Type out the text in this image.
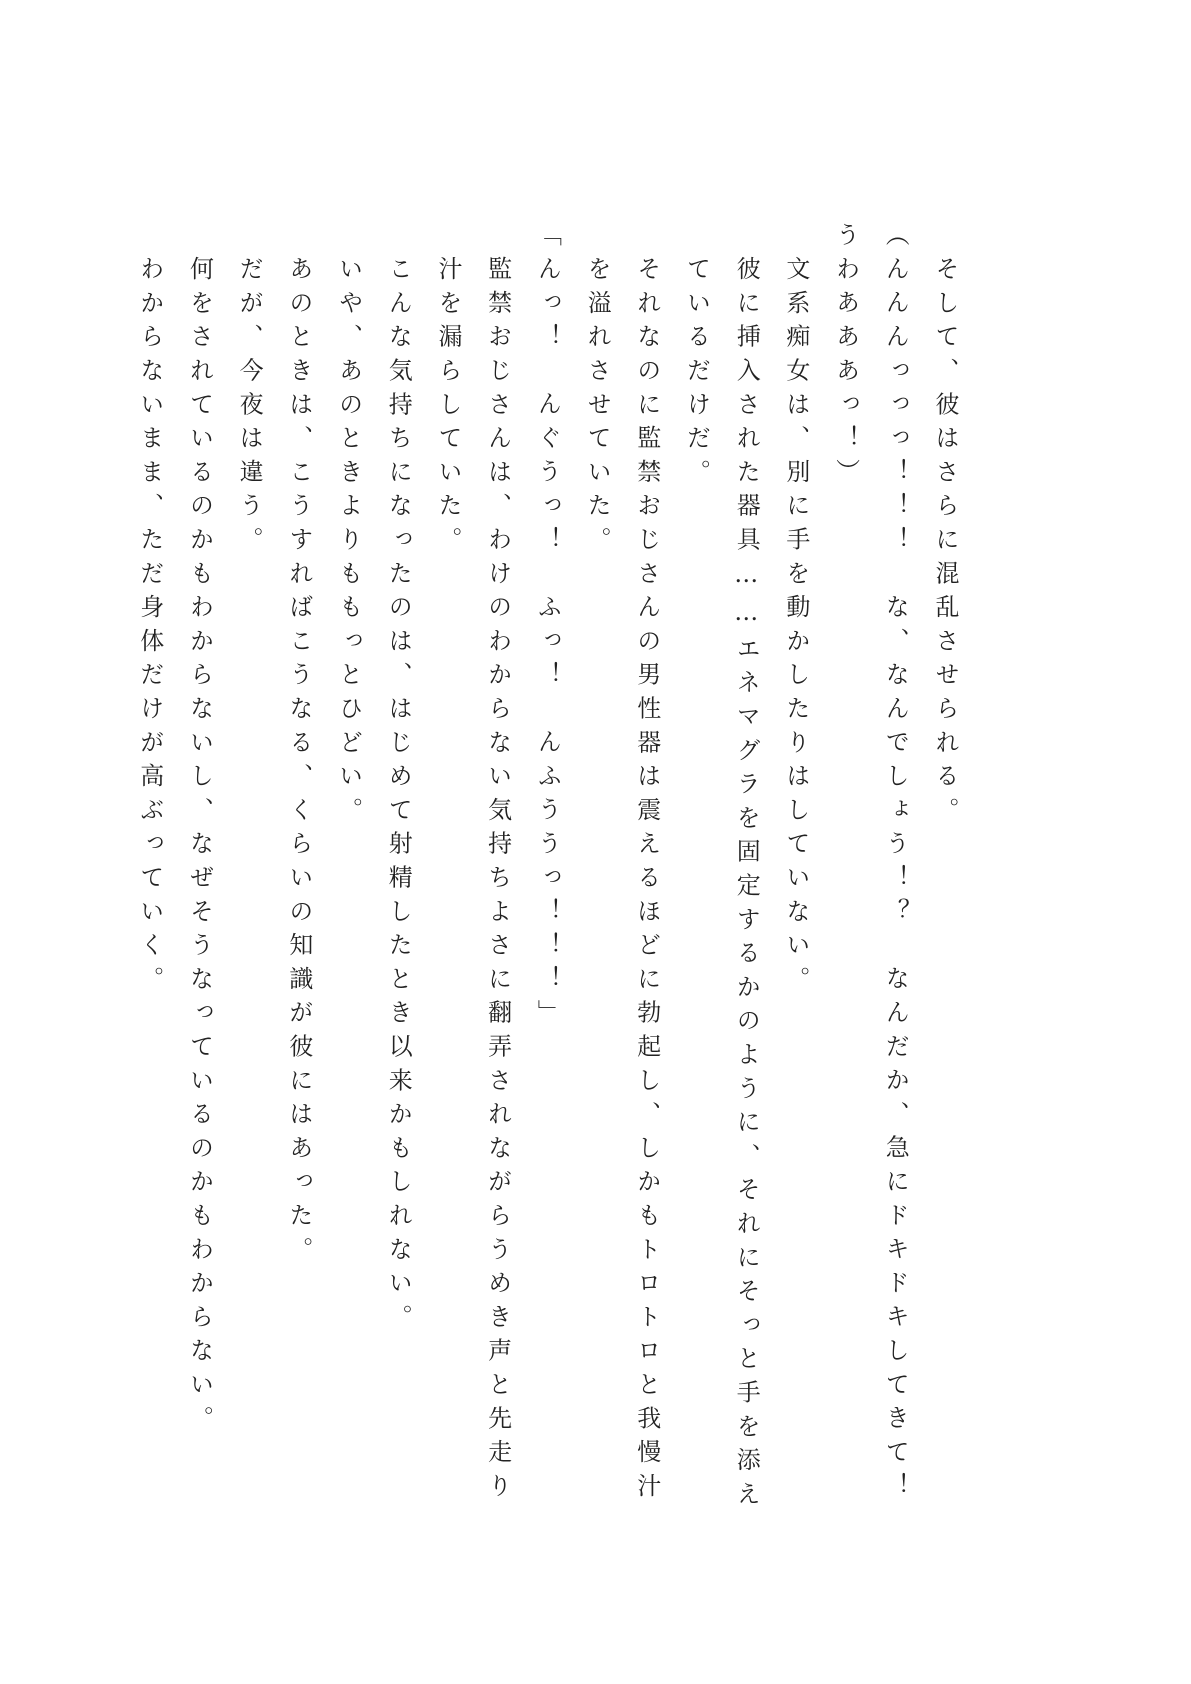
そして、彼はさらに混乱させられる。

（んんんっっっ！！！　な、なんでしょう！？　なんだか、急にドキドキしてきて！　うわあああっ！）

文系痴女は、別に手を動かしたりはしていない。

彼に挿入された器具……エネマグラを固定するかのように、それにそっと手を添えているだけだ。

それなのに監禁おじさんの男性器は震えるほどに勃起し、しかもトロトロと我慢汁を溢れさせていた。

「んっ！　んぐうっ！　ふっ！　んふううっ！！！」

監禁おじさんは、わけのわからない気持ちよさに翻弄されながらうめき声と先走り汁を漏らしていた。

こんな気持ちになったのは、はじめて射精したとき以来かもしれない。

いや、あのときよりももっとひどい。

あのときは、こうすればこうなる、くらいの知識が彼にはあった。

だが、今夜は違う。

何をされているのかもわからないし、なぜそうなっているのかもわからない。

わからないまま、ただ身体だけが高ぶっていく。
